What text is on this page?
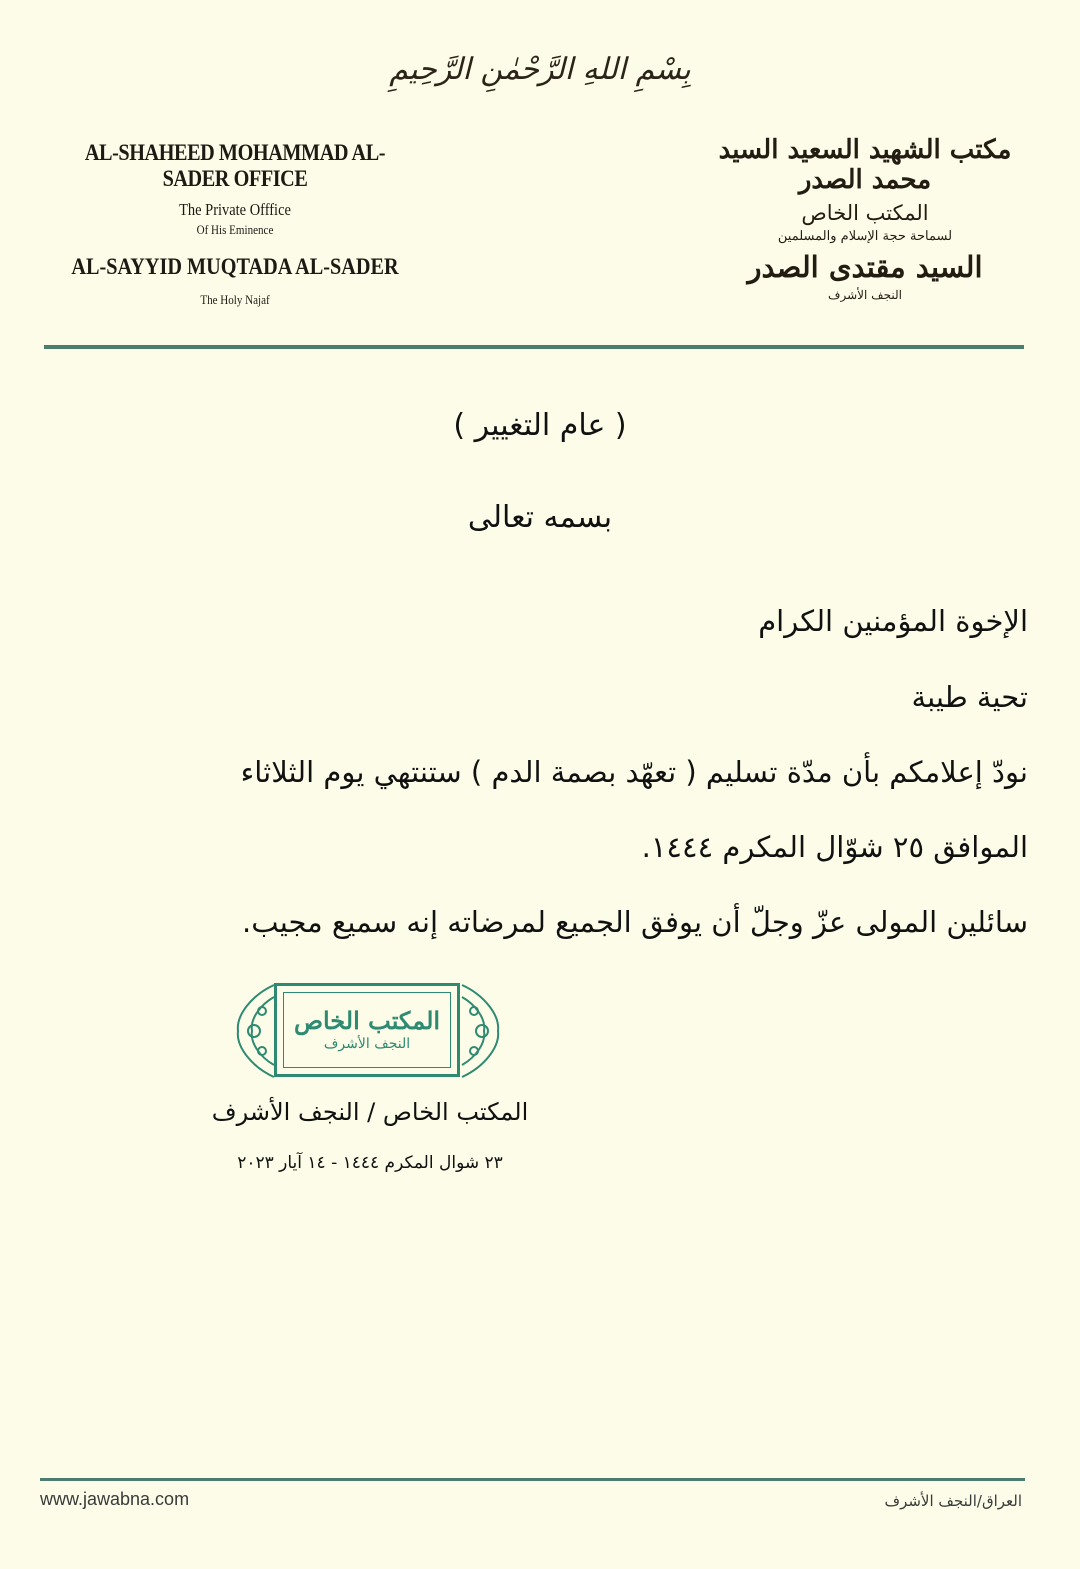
بِسْمِ اللهِ الرَّحْمٰنِ الرَّحِيمِ
AL-SHAHEED MOHAMMAD AL-SADER OFFICE
The Private Offfice
Of His Eminence
AL-SAYYID MUQTADA AL-SADER
The Holy Najaf
مكتب الشهيد السعيد السيد محمد الصدر
المكتب الخاص
لسماحة حجة الإسلام والمسلمين
السيد مقتدى الصدر
النجف الأشرف
( عام التغيير )
بسمه تعالى
الإخوة المؤمنين الكرام
تحية طيبة
نودّ إعلامكم بأن مدّة تسليم ( تعهّد بصمة الدم ) ستنتهي يوم الثلاثاء
الموافق ٢٥ شوّال المكرم ١٤٤٤.
سائلين المولى عزّ وجلّ أن يوفق الجميع لمرضاته إنه سميع مجيب.
المكتب الخاص
النجف الأشرف
المكتب الخاص / النجف الأشرف
٢٣ شوال المكرم ١٤٤٤ - ١٤ آيار ٢٠٢٣
www.jawabna.com	العراق/النجف الأشرف
